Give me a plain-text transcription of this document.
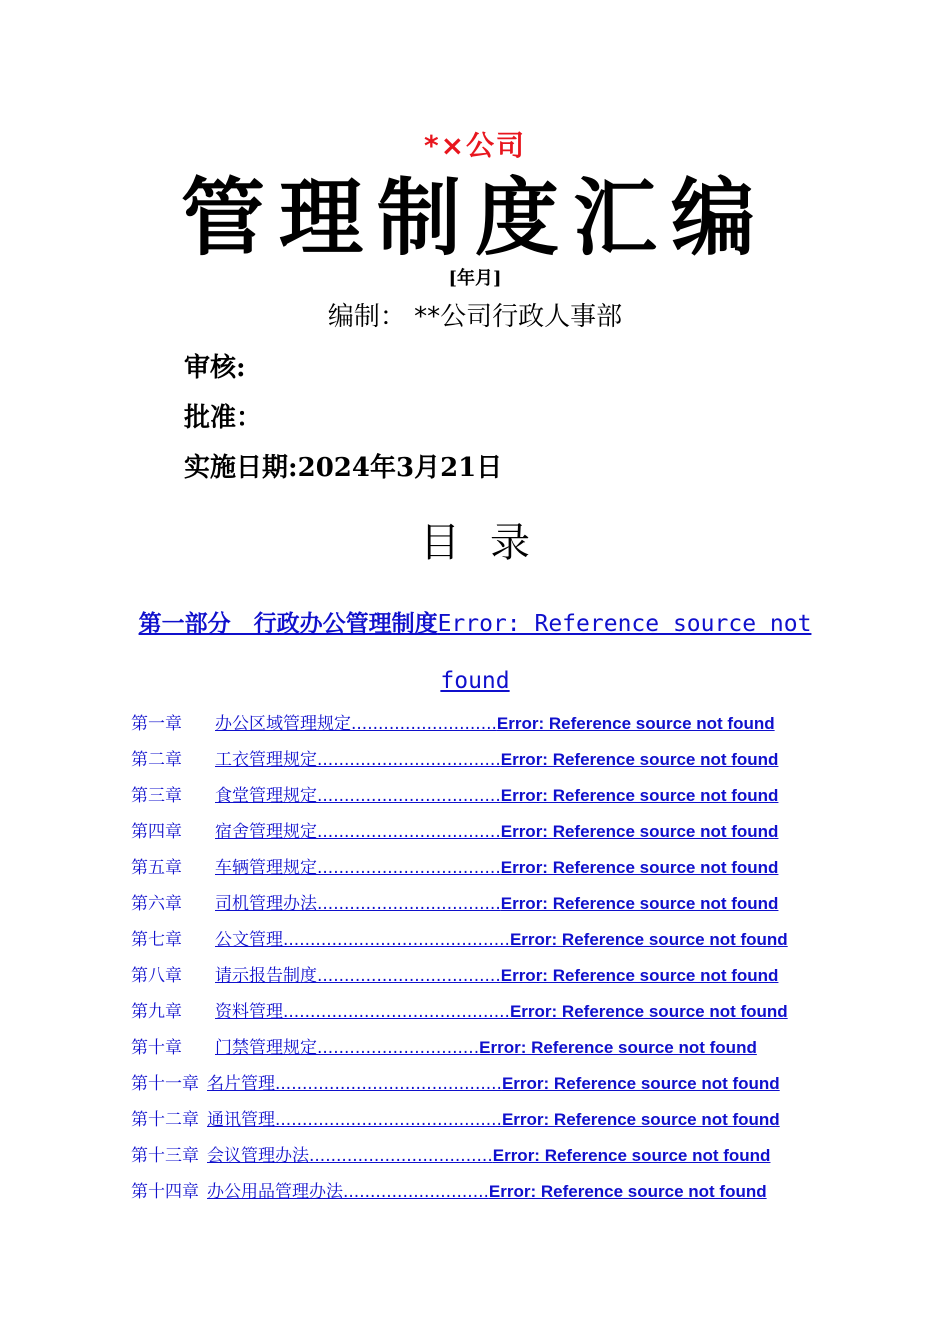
*×公司
管理制度汇编
[年月]
编制： **公司行政人事部
审核:
批准：
实施日期:2024年3月21日
目录
第一部分　行政办公管理制度Error: Reference source not found
第一章 办公区域管理规定...........................Error: Reference source not found
第二章 工衣管理规定..................................Error: Reference source not found
第三章 食堂管理规定..................................Error: Reference source not found
第四章 宿舍管理规定..................................Error: Reference source not found
第五章 车辆管理规定..................................Error: Reference source not found
第六章 司机管理办法..................................Error: Reference source not found
第七章 公文管理..........................................Error: Reference source not found
第八章 请示报告制度..................................Error: Reference source not found
第九章 资料管理..........................................Error: Reference source not found
第十章 门禁管理规定..............................Error: Reference source not found
第十一章 名片管理..........................................Error: Reference source not found
第十二章 通讯管理..........................................Error: Reference source not found
第十三章 会议管理办法..................................Error: Reference source not found
第十四章 办公用品管理办法...........................Error: Reference source not found
